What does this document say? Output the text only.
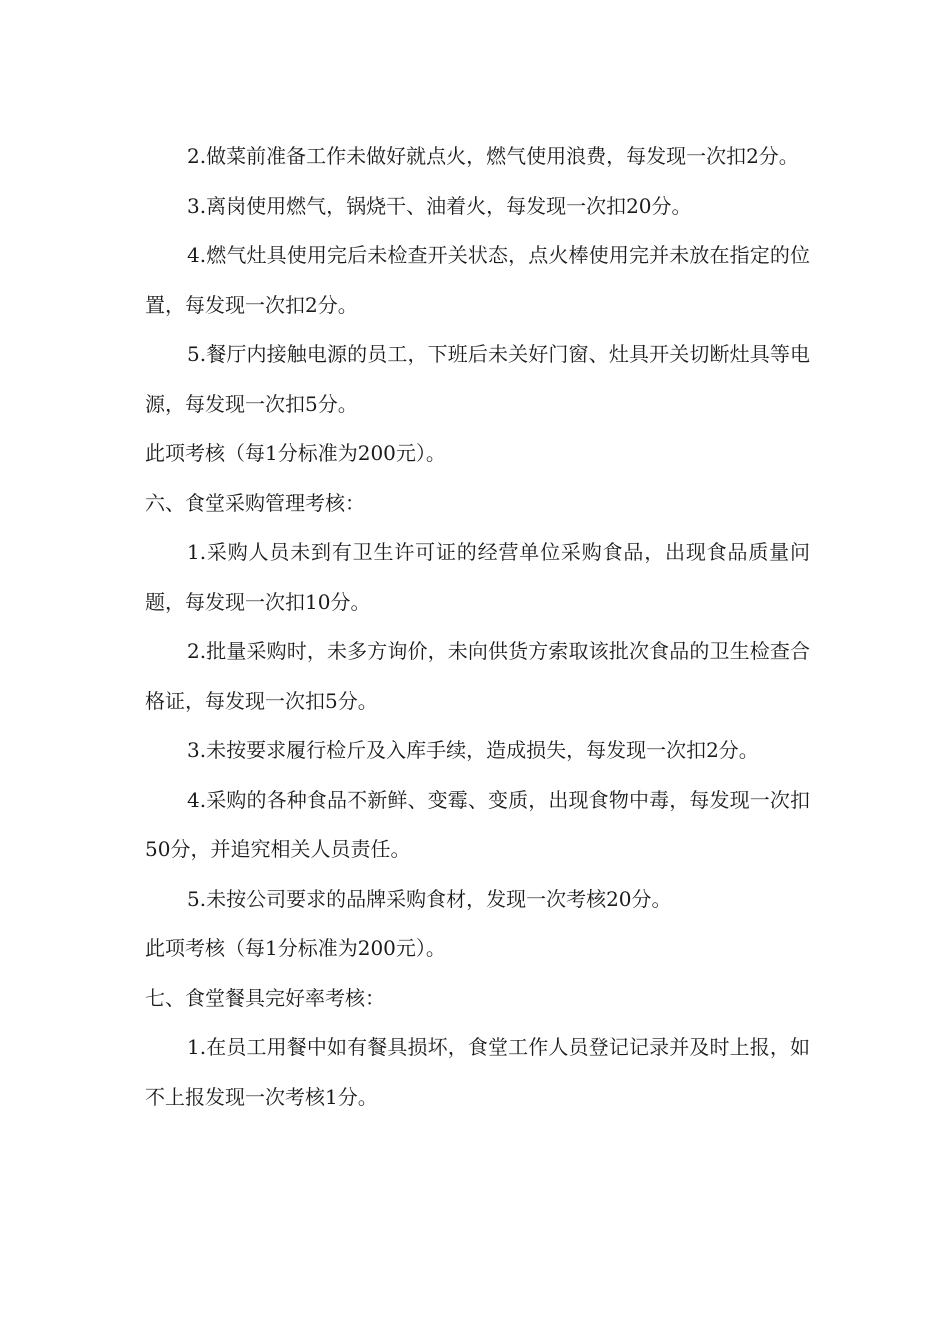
2.做菜前准备工作未做好就点火，燃气使用浪费，每发现一次扣2分。

3.离岗使用燃气，锅烧干、油着火，每发现一次扣20分。

4.燃气灶具使用完后未检查开关状态，点火棒使用完并未放在指定的位置，每发现一次扣2分。

5.餐厅内接触电源的员工，下班后未关好门窗、灶具开关切断灶具等电源，每发现一次扣5分。

此项考核（每1分标准为200元）。

六、食堂采购管理考核：

1.采购人员未到有卫生许可证的经营单位采购食品，出现食品质量问题，每发现一次扣10分。

2.批量采购时，未多方询价，未向供货方索取该批次食品的卫生检查合格证，每发现一次扣5分。

3.未按要求履行检斤及入库手续，造成损失，每发现一次扣2分。

4.采购的各种食品不新鲜、变霉、变质，出现食物中毒，每发现一次扣50分，并追究相关人员责任。

5.未按公司要求的品牌采购食材，发现一次考核20分。

此项考核（每1分标准为200元）。

七、食堂餐具完好率考核：

1.在员工用餐中如有餐具损坏，食堂工作人员登记记录并及时上报，如不上报发现一次考核1分。
